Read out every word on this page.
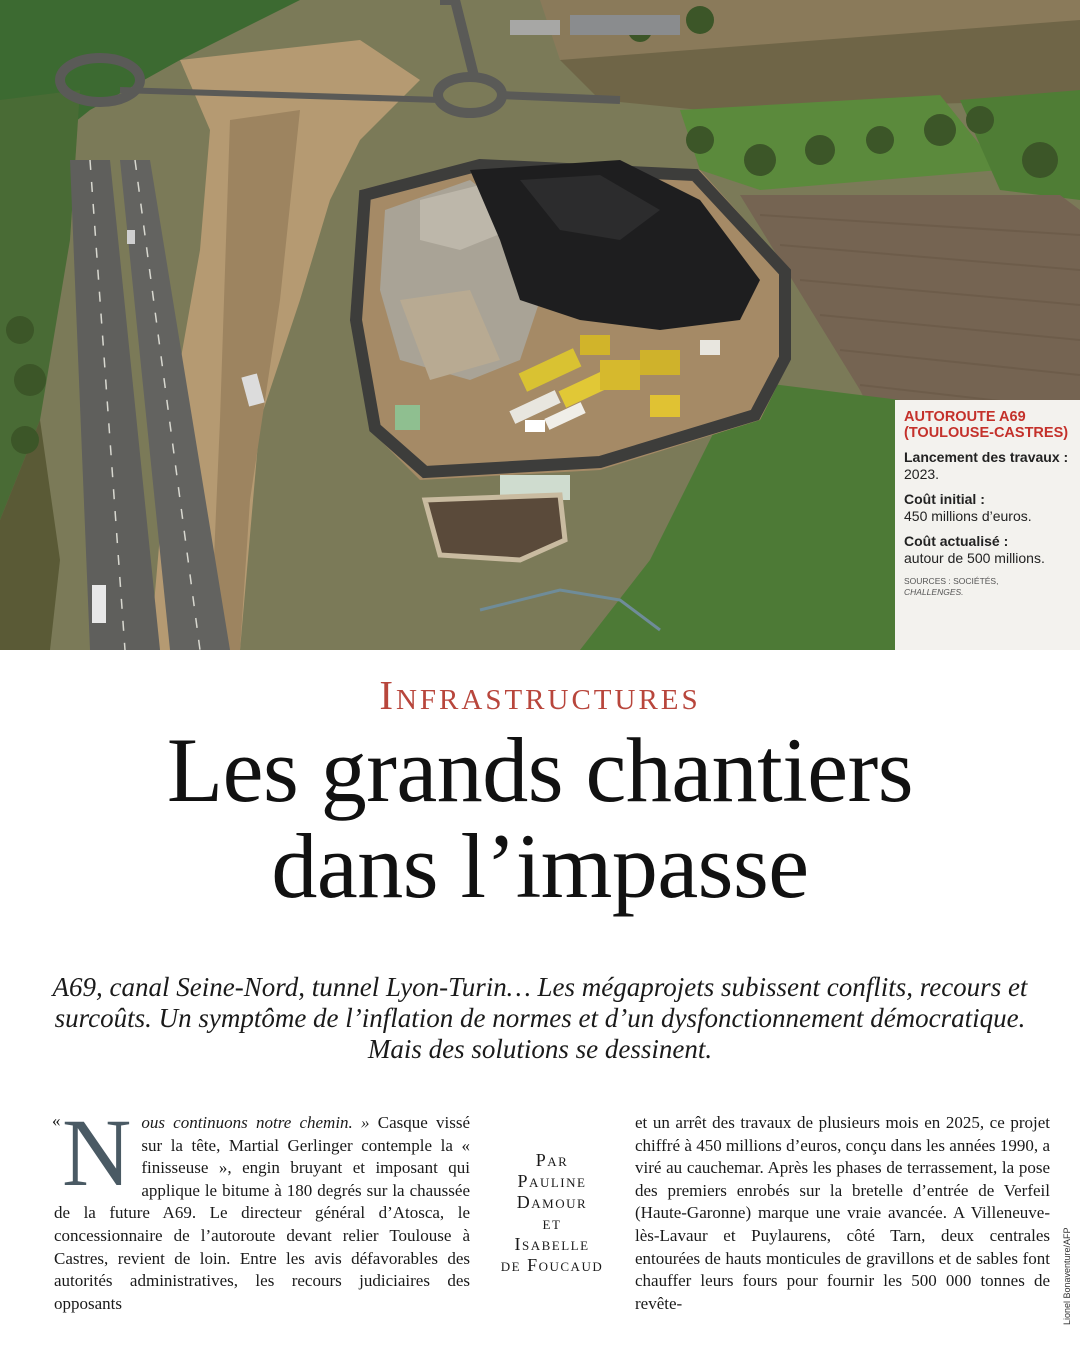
AUTOROUTE A69 (TOULOUSE-CASTRES)
Lancement des travaux : 2023.
Coût initial :
450 millions d’euros.
Coût actualisé :
autour de 500 millions.
SOURCES : SOCIÉTÉS,
CHALLENGES.
Infrastructures
Les grands chantiers
dans l’impasse

A69, canal Seine-Nord, tunnel Lyon-Turin… Les mégaprojets subissent conflits, recours et surcoûts. Un symptôme de l’inflation de normes et d’un dysfonctionnement démocratique. Mais des solutions se dessinent.

« N ous continuons notre chemin. » Casque vissé sur la tête, Martial Gerlinger contemple la « finisseuse », engin bruyant et imposant qui applique le bitume à 180 degrés sur la chaussée de la future A69. Le directeur général d’Atosca, le concessionnaire de l’autoroute devant relier Toulouse à Castres, revient de loin. Entre les avis défavorables des autorités administratives, les recours judiciaires des opposants
Par
Pauline
Damour
et
Isabelle
de Foucaud
et un arrêt des travaux de plusieurs mois en 2025, ce projet chiffré à 450 millions d’euros, conçu dans les années 1990, a viré au cauchemar. Après les phases de terrassement, la pose des premiers enrobés sur la bretelle d’entrée de Verfeil (Haute-Garonne) marque une vraie avancée. A Villeneuve-lès-Lavaur et Puylaurens, côté Tarn, deux centrales entourées de hauts monticules de gravillons et de sables font chauffer leurs fours pour fournir les 500 000 tonnes de revête-	Lionel Bonaventure/AFP
